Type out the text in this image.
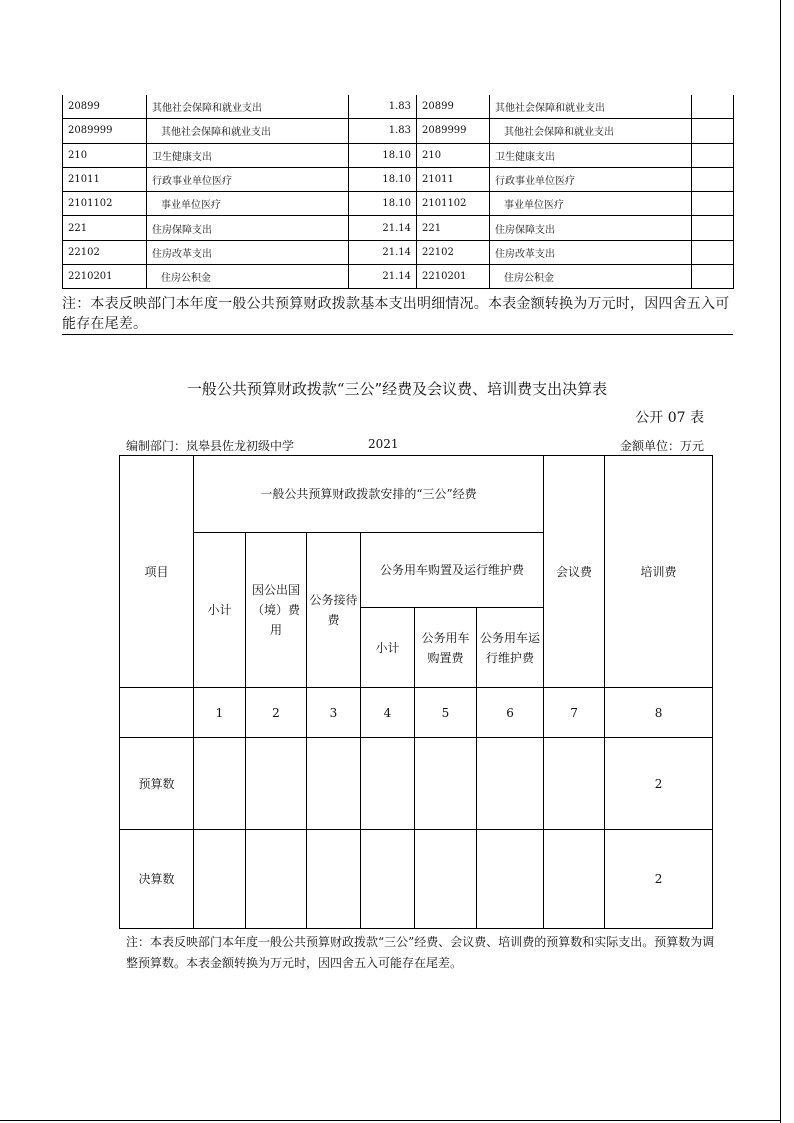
20899	其他社会保障和就业支出	1.83	20899	其他社会保障和就业支出	
2089999	其他社会保障和就业支出	1.83	2089999	其他社会保障和就业支出	
210	卫生健康支出	18.10	210	卫生健康支出	
21011	行政事业单位医疗	18.10	21011	行政事业单位医疗	
2101102	事业单位医疗	18.10	2101102	事业单位医疗	
221	住房保障支出	21.14	221	住房保障支出	
22102	住房改革支出	21.14	22102	住房改革支出	
2210201	住房公积金	21.14	2210201	住房公积金	
注：本表反映部门本年度一般公共预算财政拨款基本支出明细情况。本表金额转换为万元时，因四舍五入可能存在尾差。
一般公共预算财政拨款“三公”经费及会议费、培训费支出决算表
公开 07 表
编制部门：岚皋县佐龙初级中学	2021	金额单位：万元
项目	一般公共预算财政拨款安排的“三公”经费						会议费	培训费
	小计	因公出国（境）费用	公务接待费	公务用车购置及运行维护费				
				小计	公务用车购置费	公务用车运行维护费		
	1	2	3	4	5	6	7	8
预算数								2
决算数								2
注：本表反映部门本年度一般公共预算财政拨款“三公”经费、会议费、培训费的预算数和实际支出。预算数为调整预算数。本表金额转换为万元时，因四舍五入可能存在尾差。
